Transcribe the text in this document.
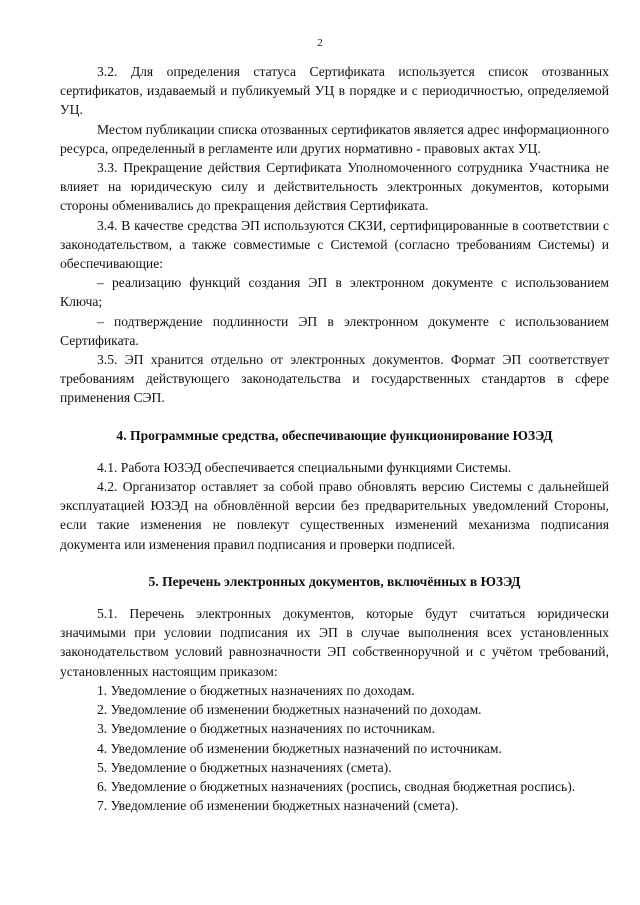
2

3.2. Для определения статуса Сертификата используется список отозванных сертификатов, издаваемый и публикуемый УЦ в порядке и с периодичностью, определяемой УЦ.

Местом публикации списка отозванных сертификатов является адрес информационного ресурса, определенный в регламенте или других нормативно - правовых актах УЦ.

3.3. Прекращение действия Сертификата Уполномоченного сотрудника Участника не влияет на юридическую силу и действительность электронных документов, которыми стороны обменивались до прекращения действия Сертификата.

3.4. В качестве средства ЭП используются СКЗИ, сертифицированные в соответствии с законодательством, а также совместимые с Системой (согласно требованиям Системы) и обеспечивающие:

– реализацию функций создания ЭП в электронном документе с использованием Ключа;

– подтверждение подлинности ЭП в электронном документе с использованием Сертификата.

3.5. ЭП хранится отдельно от электронных документов. Формат ЭП соответствует требованиям действующего законодательства и государственных стандартов в сфере применения СЭП.

4. Программные средства, обеспечивающие функционирование ЮЗЭД

4.1. Работа ЮЗЭД обеспечивается специальными функциями Системы.

4.2. Организатор оставляет за собой право обновлять версию Системы с дальнейшей эксплуатацией ЮЗЭД на обновлённой версии без предварительных уведомлений Стороны, если такие изменения не повлекут существенных изменений механизма подписания документа или изменения правил подписания и проверки подписей.

5. Перечень электронных документов, включённых в ЮЗЭД

5.1. Перечень электронных документов, которые будут считаться юридически значимыми при условии подписания их ЭП в случае выполнения всех установленных законодательством условий равнозначности ЭП собственноручной и с учётом требований, установленных настоящим приказом:

1. Уведомление о бюджетных назначениях по доходам.

2. Уведомление об изменении бюджетных назначений по доходам.

3. Уведомление о бюджетных назначениях по источникам.

4. Уведомление об изменении бюджетных назначений по источникам.

5. Уведомление о бюджетных назначениях (смета).

6. Уведомление о бюджетных назначениях (роспись, сводная бюджетная роспись).

7. Уведомление об изменении бюджетных назначений (смета).
